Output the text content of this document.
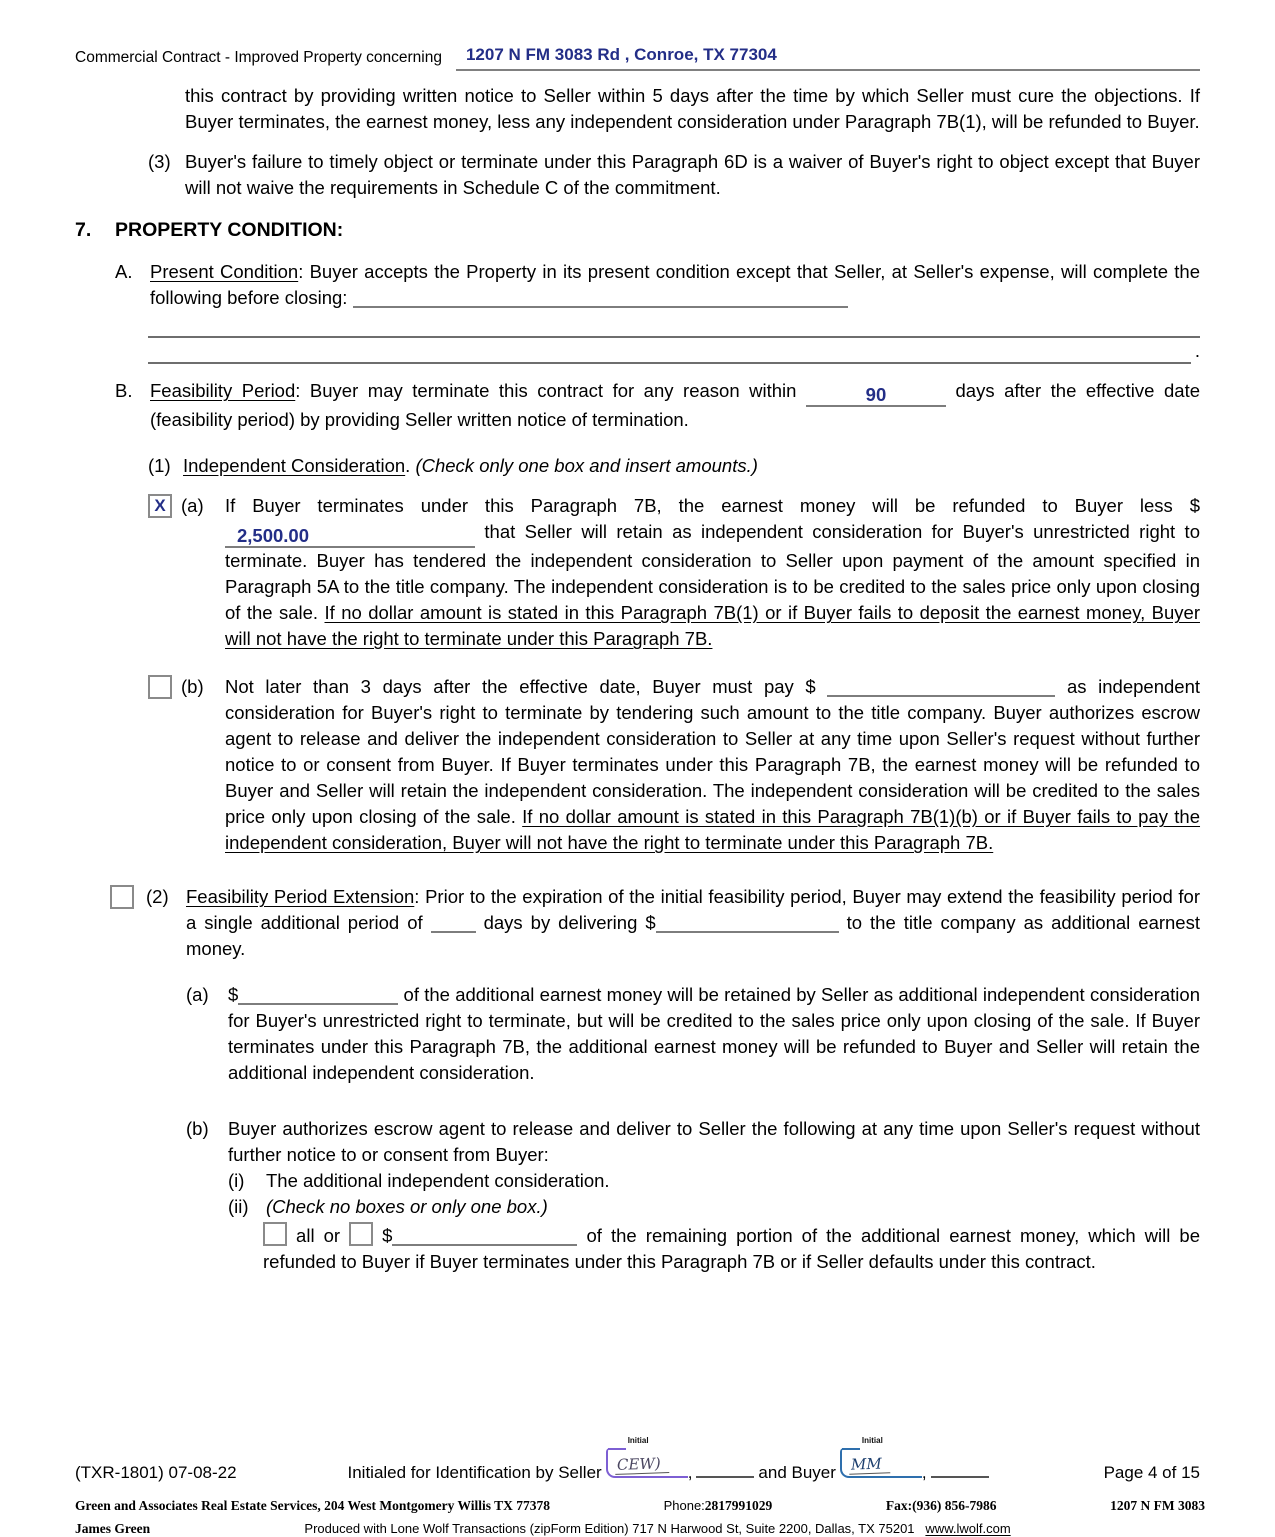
Commercial Contract - Improved Property concerning	1207 N FM 3083 Rd , Conroe, TX 77304
this contract by providing written notice to Seller within 5 days after the time by which Seller must cure the objections. If Buyer terminates, the earnest money, less any independent consideration under Paragraph 7B(1), will be refunded to Buyer.
(3) Buyer's failure to timely object or terminate under this Paragraph 6D is a waiver of Buyer's right to object except that Buyer will not waive the requirements in Schedule C of the commitment.
7. PROPERTY CONDITION:
A. Present Condition: Buyer accepts the Property in its present condition except that Seller, at Seller's expense, will complete the following before closing:
.
B. Feasibility Period: Buyer may terminate this contract for any reason within	90	days after the effective date (feasibility period) by providing Seller written notice of termination.
(1) Independent Consideration. (Check only one box and insert amounts.)
X (a) If Buyer terminates under this Paragraph 7B, the earnest money will be refunded to Buyer less $ 2,500.00	that Seller will retain as independent consideration for Buyer's unrestricted right to terminate. Buyer has tendered the independent consideration to Seller upon payment of the amount specified in Paragraph 5A to the title company. The independent consideration is to be credited to the sales price only upon closing of the sale. If no dollar amount is stated in this Paragraph 7B(1) or if Buyer fails to deposit the earnest money, Buyer will not have the right to terminate under this Paragraph 7B.
(b) Not later than 3 days after the effective date, Buyer must pay $	as independent consideration for Buyer's right to terminate by tendering such amount to the title company. Buyer authorizes escrow agent to release and deliver the independent consideration to Seller at any time upon Seller's request without further notice to or consent from Buyer. If Buyer terminates under this Paragraph 7B, the earnest money will be refunded to Buyer and Seller will retain the independent consideration. The independent consideration will be credited to the sales price only upon closing of the sale. If no dollar amount is stated in this Paragraph 7B(1)(b) or if Buyer fails to pay the independent consideration, Buyer will not have the right to terminate under this Paragraph 7B.
(2) Feasibility Period Extension: Prior to the expiration of the initial feasibility period, Buyer may extend the feasibility period for a single additional period of  days by delivering $	to the title company as additional earnest money.
(a) $	of the additional earnest money will be retained by Seller as additional independent consideration for Buyer's unrestricted right to terminate, but will be credited to the sales price only upon closing of the sale. If Buyer terminates under this Paragraph 7B, the additional earnest money will be refunded to Buyer and Seller will retain the additional independent consideration.
(b) Buyer authorizes escrow agent to release and deliver to Seller the following at any time upon Seller's request without further notice to or consent from Buyer:
(i) The additional independent consideration.
(ii) (Check no boxes or only one box.)
all or  $	of the remaining portion of the additional earnest money, which will be refunded to Buyer if Buyer terminates under this Paragraph 7B or if Seller defaults under this contract.
(TXR-1801) 07-08-22	Initialed for Identification by Seller
Initial
CEW)	,	and Buyer
Initial
MM	,	Page 4 of 15
Green and Associates Real Estate Services, 204 West Montgomery Willis TX 77378	Phone: 2817991029	Fax: (936) 856-7986	1207 N FM 3083
James Green	Produced with Lone Wolf Transactions (zipForm Edition) 717 N Harwood St, Suite 2200, Dallas, TX 75201 www.lwolf.com
